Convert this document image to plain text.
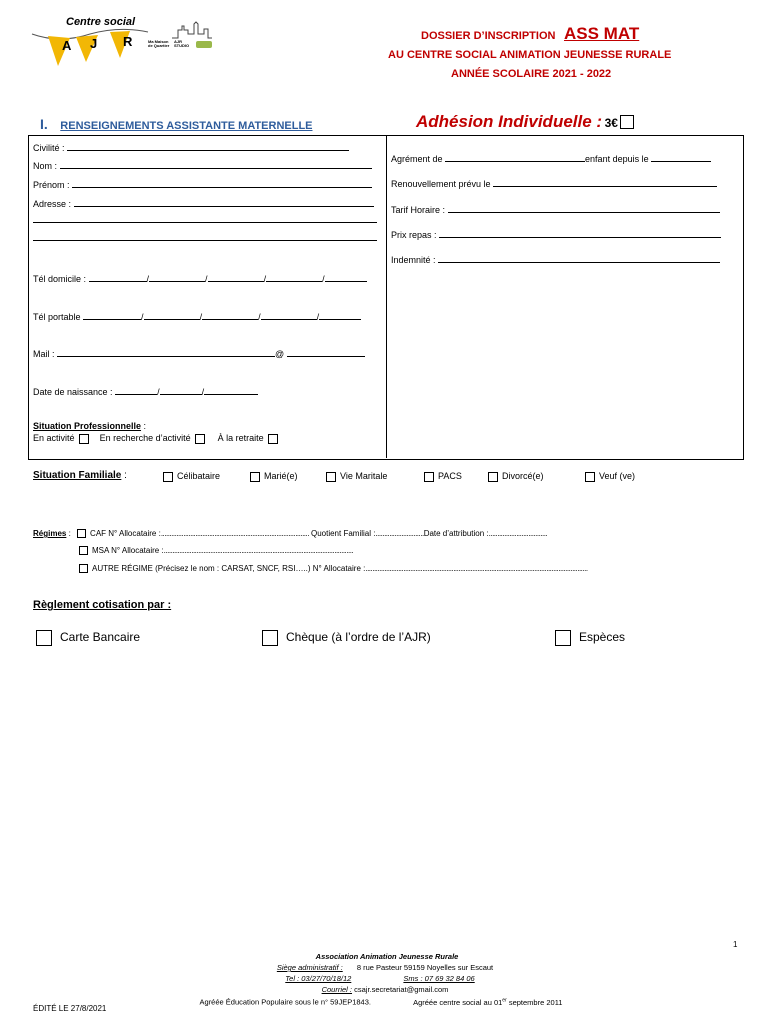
Centre social
A J R	Ma Maison de Quartier
AJR STUDIO
DOSSIER D’INSCRIPTION ASS MAT
AU CENTRE SOCIAL ANIMATION JEUNESSE RURALE
ANNÉE SCOLAIRE 2021 - 2022
I. RENSEIGNEMENTS ASSISTANTE MATERNELLE	Adhésion Individuelle : 3€
Civilité :
Nom :
Prénom :
Adresse :
Tél domicile :	/	/	/	/
Tél portable	/	/	/	/
Mail :	@
Date de naissance :	/	/
Situation Professionnelle :
En activité	En recherche d’activité	À la retraite
Agrément de	enfant depuis le
Renouvellement prévu le
Tarif Horaire :
Prix repas :
Indemnité :
Situation Familiale :	Célibataire	Marié(e)	Vie Maritale	PACS	Divorcé(e)	Veuf (ve)
Régimes : CAF N° Allocataire :...................................................................................... Quotient Familial :............................Date d’attribution :..................................
MSA N° Allocataire :..............................................................................................................
AUTRE RÉGIME (Précisez le nom : CARSAT, SNCF, RSI…..) N° Allocataire :.................................................................................................................................
Règlement cotisation par :
Carte Bancaire	Chèque (à l’ordre de l’AJR)	Espèces
1
Association Animation Jeunesse Rurale
Siège administratif : 8 rue Pasteur 59159 Noyelles sur Escaut
Tel : 03/27/70/18/12	Sms : 07 69 32 84 06
Courriel : csajr.secretariat@gmail.com
Agréée Éducation Populaire sous le n° 59JEP1843.	Agréée centre social au 01er septembre 2011
ÉDITÉ LE 27/8/2021
